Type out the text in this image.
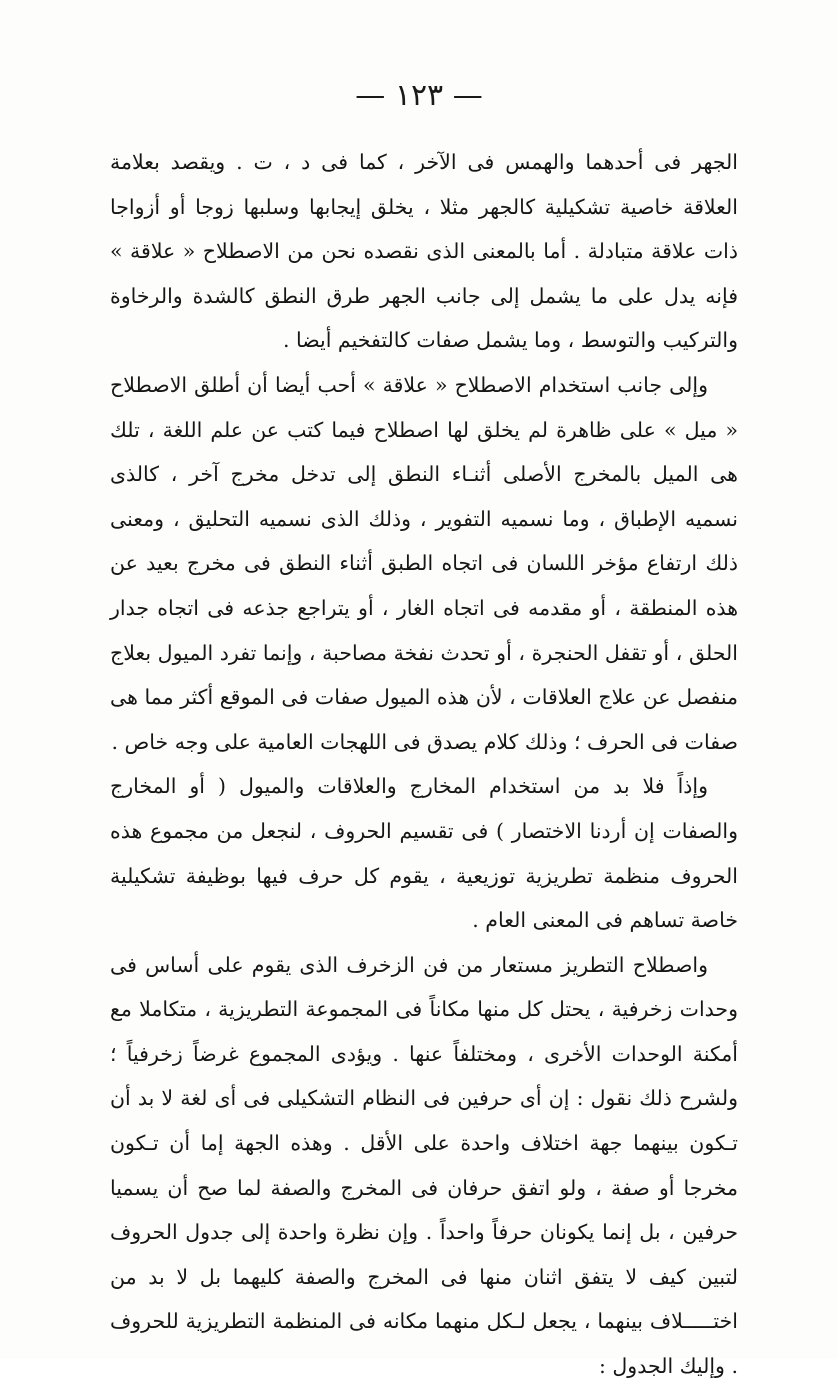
— ١٢٣ —

الجهر فى أحدهما والهمس فى الآخر ، كما فى د ، ت . ويقصد بعلامة العلاقة خاصية تشكيلية كالجهر مثلا ، يخلق إيجابها وسلبها زوجا أو أزواجا ذات علاقة متبادلة . أما بالمعنى الذى نقصده نحن من الاصطلاح « علاقة » فإنه يدل على ما يشمل إلى جانب الجهر طرق النطق كالشدة والرخاوة والتركيب والتوسط ، وما يشمل صفات كالتفخيم أيضا .

وإلى جانب استخدام الاصطلاح « علاقة » أحب أيضا أن أطلق الاصطلاح « ميل » على ظاهرة لم يخلق لها اصطلاح فيما كتب عن علم اللغة ، تلك هى الميل بالمخرج الأصلى أثنـاء النطق إلى تدخل مخرج آخر ، كالذى نسميه الإطباق ، وما نسميه التفوير ، وذلك الذى نسميه التحليق ، ومعنى ذلك ارتفاع مؤخر اللسان فى اتجاه الطبق أثناء النطق فى مخرج بعيد عن هذه المنطقة ، أو مقدمه فى اتجاه الغار ، أو يتراجع جذعه فى اتجاه جدار الحلق ، أو تقفل الحنجرة ، أو تحدث نفخة مصاحبة ، وإنما تفرد الميول بعلاج منفصل عن علاج العلاقات ، لأن هذه الميول صفات فى الموقع أكثر مما هى صفات فى الحرف ؛ وذلك كلام يصدق فى اللهجات العامية على وجه خاص .

وإذاً فلا بد من استخدام المخارج والعلاقات والميول ( أو المخارج والصفات إن أردنا الاختصار ) فى تقسيم الحروف ، لنجعل من مجموع هذه الحروف منظمة تطريزية توزيعية ، يقوم كل حرف فيها بوظيفة تشكيلية خاصة تساهم فى المعنى العام .

واصطلاح التطريز مستعار من فن الزخرف الذى يقوم على أساس فى وحدات زخرفية ، يحتل كل منها مكاناً فى المجموعة التطريزية ، متكاملا مع أمكنة الوحدات الأخرى ، ومختلفاً عنها . ويؤدى المجموع غرضاً زخرفياً ؛ ولشرح ذلك نقول : إن أى حرفين فى النظام التشكيلى فى أى لغة لا بد أن تـكون بينهما جهة اختلاف واحدة على الأقل . وهذه الجهة إما أن تـكون مخرجا أو صفة ، ولو اتفق حرفان فى المخرج والصفة لما صح أن يسميا حرفين ، بل إنما يكونان حرفاً واحداً . وإن نظرة واحدة إلى جدول الحروف لتبين كيف لا يتفق اثنان منها فى المخرج والصفة كليهما بل لا بد من اختـــــلاف بينهما ، يجعل لـكل منهما مكانه فى المنظمة التطريزية للحروف . وإليك الجدول :
